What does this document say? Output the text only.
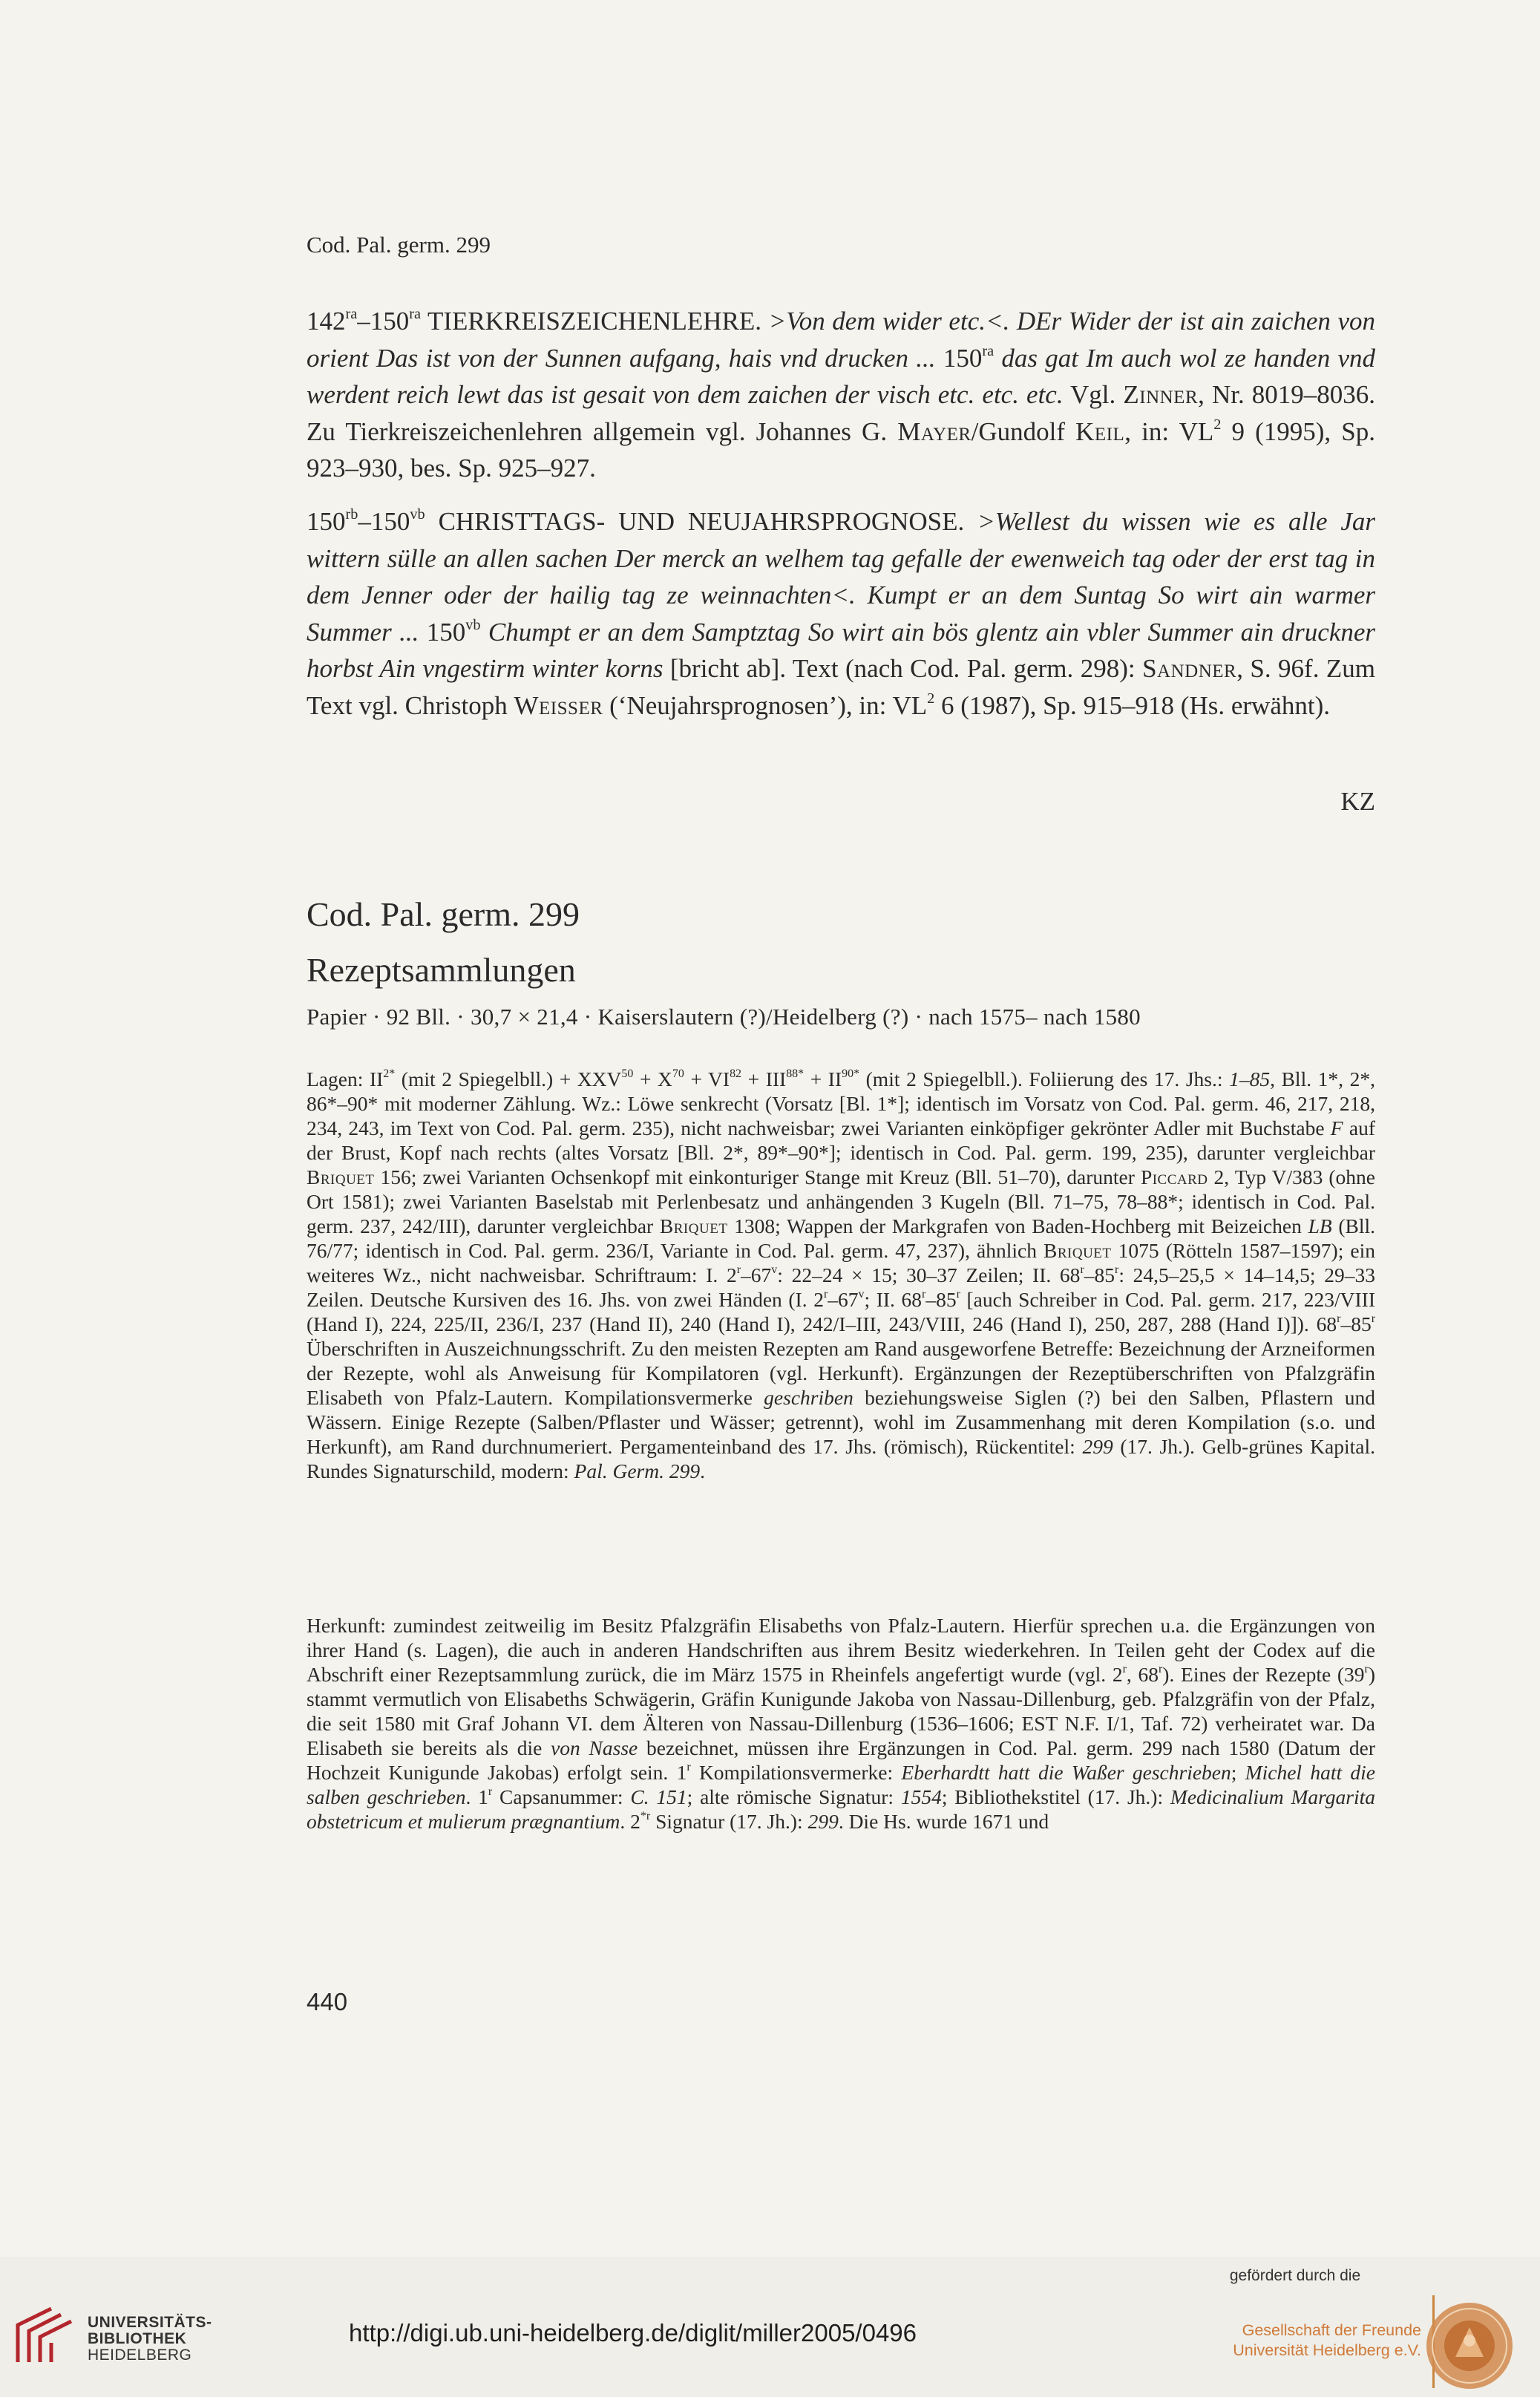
Cod. Pal. germ. 299
$142^{ra}-150^{ra}$ TIERKREISZEICHENLEHRE. >Von dem wider etc.<. DEr Wider der ist ain zaichen von orient Das ist von der Sunnen aufgang, hais vnd drucken ... $150^{ra}$ das gat Im auch wol ze handen vnd werdent reich lewt das ist gesait von dem zaichen der visch etc. etc. etc. Vgl. Zinner, Nr. 8019–8036. Zu Tierkreiszeichenlehren allgemein vgl. Johannes G. Mayer/Gundolf Keil, in: $VL^2$ 9 (1995), Sp. 923–930, bes. Sp. 925–927.
$150^{rb}-150^{vb}$ CHRISTTAGS- UND NEUJAHRSPROGNOSE. >Wellest du wissen wie es alle Jar wittern sülle an allen sachen Der merck an welhem tag gefalle der ewenweich tag oder der erst tag in dem Jenner oder der hailig tag ze weinnachten<. Kumpt er an dem Suntag So wirt ain warmer Summer ... $150^{vb}$ Chumpt er an dem Samptztag So wirt ain bös glentz ain vbler Summer ain druckner horbst Ain vngestirm winter korns [bricht ab]. Text (nach Cod. Pal. germ. 298): Sandner, S. 96f. Zum Text vgl. Christoph Weisser (‘Neujahrsprognosen’), in: $VL^2$ 6 (1987), Sp. 915–918 (Hs. erwähnt).
KZ
Cod. Pal. germ. 299
Rezeptsammlungen
Papier · 92 Bll. · 30,7 × 21,4 · Kaiserslautern (?)/Heidelberg (?) · nach 1575– nach 1580
Lagen: $II^{2*}$ (mit 2 Spiegelbll.) + $XXV^{50} + X^{70} + VI^{82} + III^{88*} + II^{90*}$ (mit 2 Spiegelbll.). Foliierung des 17. Jhs.: 1–85, Bll. 1*, 2*, 86*–90* mit moderner Zählung. Wz.: Löwe senkrecht (Vorsatz [Bl. 1*]; identisch im Vorsatz von Cod. Pal. germ. 46, 217, 218, 234, 243, im Text von Cod. Pal. germ. 235), nicht nachweisbar; zwei Varianten einköpfiger gekrönter Adler mit Buchstabe F auf der Brust, Kopf nach rechts (altes Vorsatz [Bll. 2*, 89*–90*]; identisch in Cod. Pal. germ. 199, 235), darunter vergleichbar Briquet 156; zwei Varianten Ochsenkopf mit einkonturiger Stange mit Kreuz (Bll. 51–70), darunter Piccard 2, Typ V/383 (ohne Ort 1581); zwei Varianten Baselstab mit Perlenbesatz und anhängenden 3 Kugeln (Bll. 71–75, 78–88*; identisch in Cod. Pal. germ. 237, 242/III), darunter vergleichbar Briquet 1308; Wappen der Markgrafen von Baden-Hochberg mit Beizeichen LB (Bll. 76/77; identisch in Cod. Pal. germ. 236/I, Variante in Cod. Pal. germ. 47, 237), ähnlich Briquet 1075 (Rötteln 1587–1597); ein weiteres Wz., nicht nachweisbar. Schriftraum: I. 2$^r$–67$^v$: 22–24 × 15; 30–37 Zeilen; II. 68$^r$–85$^r$: 24,5–25,5 × 14–14,5; 29–33 Zeilen. Deutsche Kursiven des 16. Jhs. von zwei Händen (I. 2$^r$–67$^v$; II. 68$^r$–85$^r$ [auch Schreiber in Cod. Pal. germ. 217, 223/VIII (Hand I), 224, 225/II, 236/I, 237 (Hand II), 240 (Hand I), 242/I–III, 243/VIII, 246 (Hand I), 250, 287, 288 (Hand I)]). 68$^r$–85$^r$ Überschriften in Auszeichnungsschrift. Zu den meisten Rezepten am Rand ausgeworfene Betreffe: Bezeichnung der Arzneiformen der Rezepte, wohl als Anweisung für Kompilatoren (vgl. Herkunft). Ergänzungen der Rezeptüberschriften von Pfalzgräfin Elisabeth von Pfalz-Lautern. Kompilationsvermerke geschriben beziehungsweise Siglen (?) bei den Salben, Pflastern und Wässern. Einige Rezepte (Salben/Pflaster und Wässer; getrennt), wohl im Zusammenhang mit deren Kompilation (s.o. und Herkunft), am Rand durchnumeriert. Pergamenteinband des 17. Jhs. (römisch), Rückentitel: 299 (17. Jh.). Gelb-grünes Kapital. Rundes Signaturschild, modern: Pal. Germ. 299.
Herkunft: zumindest zeitweilig im Besitz Pfalzgräfin Elisabeths von Pfalz-Lautern. Hierfür sprechen u.a. die Ergänzungen von ihrer Hand (s. Lagen), die auch in anderen Handschriften aus ihrem Besitz wiederkehren. In Teilen geht der Codex auf die Abschrift einer Rezeptsammlung zurück, die im März 1575 in Rheinfels angefertigt wurde (vgl. 2$^r$, 68$^r$). Eines der Rezepte (39$^r$) stammt vermutlich von Elisabeths Schwägerin, Gräfin Kunigunde Jakoba von Nassau-Dillenburg, geb. Pfalzgräfin von der Pfalz, die seit 1580 mit Graf Johann VI. dem Älteren von Nassau-Dillenburg (1536–1606; EST N.F. I/1, Taf. 72) verheiratet war. Da Elisabeth sie bereits als die von Nasse bezeichnet, müssen ihre Ergänzungen in Cod. Pal. germ. 299 nach 1580 (Datum der Hochzeit Kunigunde Jakobas) erfolgt sein. 1$^r$ Kompilationsvermerke: Eberhardtt hatt die Waßer geschrieben; Michel hatt die salben geschrieben. 1$^r$ Capsanummer: C. 151; alte römische Signatur: 1554; Bibliothekstitel (17. Jh.): Medicinalium Margarita obstetricum et mulierum prægnantium. 2$^{*r}$ Signatur (17. Jh.): 299. Die Hs. wurde 1671 und
440
UNIVERSITÄTS-
BIBLIOTHEK
HEIDELBERG
http://digi.ub.uni-heidelberg.de/diglit/miller2005/0496
gefördert durch die
Gesellschaft der Freunde
Universität Heidelberg e.V.
